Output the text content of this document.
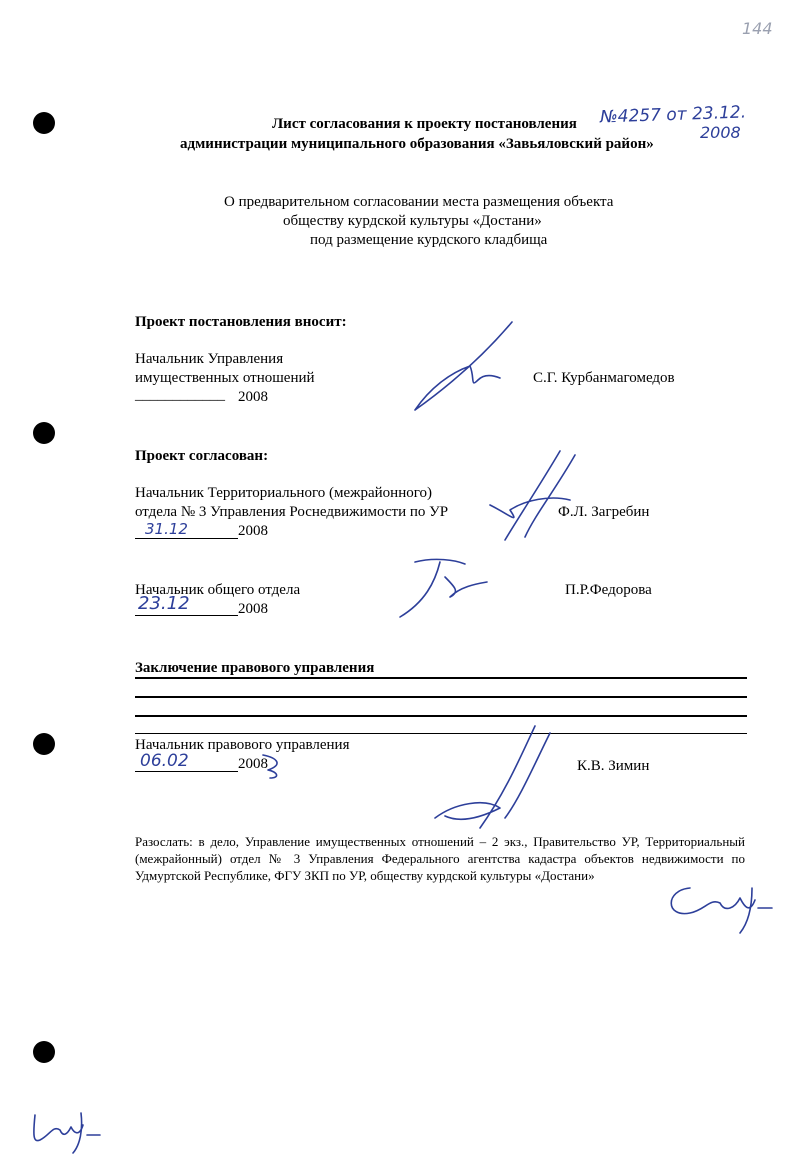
144
Лист согласования к проекту постановления
администрации муниципального образования «Завьяловский район»
№4257 от 23.12.
2008
О предварительном согласовании места размещения объекта
обществу курдской культуры «Достани»
под размещение курдского кладбища
Проект постановления вносит:
Начальник Управления
имущественных отношений	С.Г. Курбанмагомедов
____________ 2008
Проект согласован:
Начальник Территориального (межрайонного)
отдела № 3 Управления Роснедвижимости по УР	Ф.Л. Загребин
31.12	2008
Начальник общего отдела	П.Р.Федорова
23.12	2008
Заключение правового управления
Начальник правового управления
К.В. Зимин
06.02	2008
Разослать: в дело, Управление имущественных отношений – 2 экз., Правительство УР, Территориальный (межрайонный) отдел № 3 Управления Федерального агентства кадастра объектов недвижимости по Удмуртской Республике, ФГУ ЗКП по УР, обществу курдской культуры «Достани»
